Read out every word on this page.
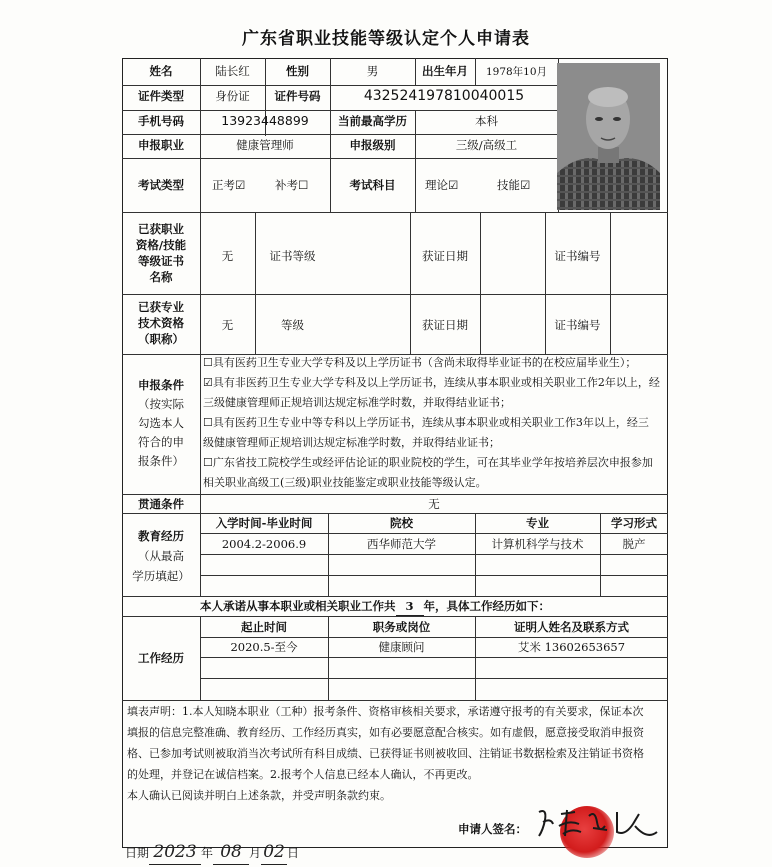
广东省职业技能等级认定个人申请表
姓名	陆长红	性别	男	出生年月	1978年10月
证件类型	身份证	证件号码	432524197810040015
手机号码	13923448899	当前最高学历	本科
申报职业	健康管理师	申报级别	三级/高级工
考试类型	正考☑	补考☐	考试科目	理论☑	技能☑
已获职业
资格/技能
等级证书
名称
无	证书等级	获证日期	证书编号
已获专业
技术资格
（职称）
无	等级	获证日期	证书编号
申报条件
（按实际
勾选本人
符合的申
报条件）
☐具有医药卫生专业大学专科及以上学历证书（含尚未取得毕业证书的在校应届毕业生）；
☑具有非医药卫生专业大学专科及以上学历证书，连续从事本职业或相关职业工作2年以上，经
三级健康管理师正规培训达规定标准学时数，并取得结业证书；
☐具有医药卫生专业中等专科以上学历证书，连续从事本职业或相关职业工作3年以上，经三
级健康管理师正规培训达规定标准学时数，并取得结业证书；
☐广东省技工院校学生或经评估论证的职业院校的学生，可在其毕业学年按培养层次申报参加
相关职业高级工(三级)职业技能鉴定或职业技能等级认定。
贯通条件	无
教育经历
（从最高
学历填起）
入学时间-毕业时间	院校	专业	学习形式
2004.2-2006.9	西华师范大学	计算机科学与技术	脱产
本人承诺从事本职业或相关职业工作共 3 年，具体工作经历如下：
工作经历
起止时间	职务或岗位	证明人姓名及联系方式
2020.5-至今	健康顾问	艾米 13602653657
填表声明：1.本人知晓本职业（工种）报考条件、资格审核相关要求，承诺遵守报考的有关要求，保证本次
填报的信息完整准确、教育经历、工作经历真实，如有必要愿意配合核实。如有虚假，愿意接受取消申报资
格、已参加考试则被取消当次考试所有科目成绩、已获得证书则被收回、注销证书数据检索及注销证书资格
的处理，并登记在诚信档案。2.报考个人信息已经本人确认，不再更改。
本人确认已阅读并明白上述条款，并受声明条款约束。
申请人签名：
日期 2023 年 08 月 02 日
